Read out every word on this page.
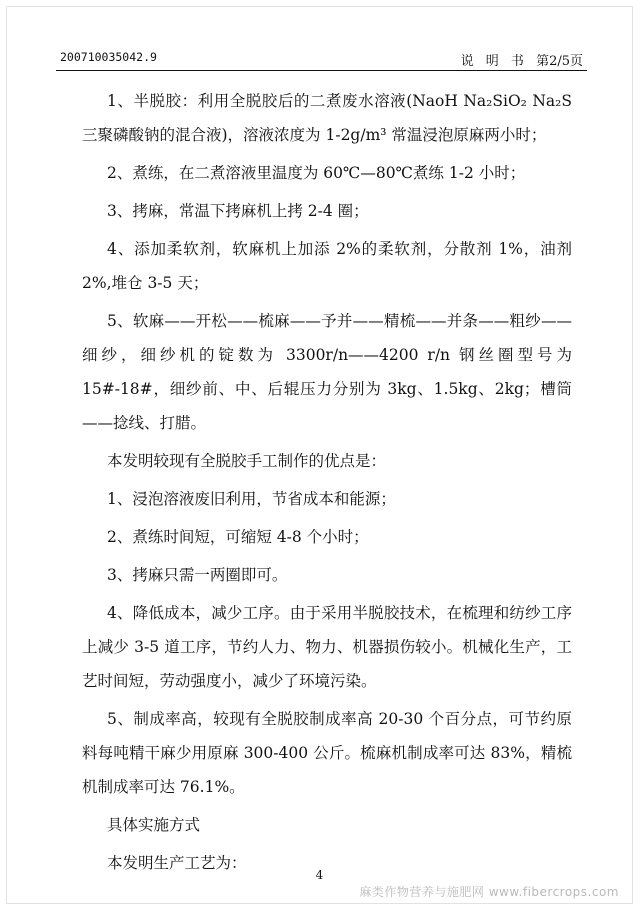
200710035042.9	说 明 书 第2/5页

1、半脱胶：利用全脱胶后的二煮废水溶液(NaoH Na₂SiO₂ Na₂S 三聚磷酸钠的混合液)，溶液浓度为 1-2g/m³ 常温浸泡原麻两小时；

2、煮练，在二煮溶液里温度为 60℃—80℃煮练 1-2 小时；

3、拷麻，常温下拷麻机上拷 2-4 圈；

4、添加柔软剂，软麻机上加添 2%的柔软剂，分散剂 1%，油剂 2%,堆仓 3-5 天；

5、软麻——开松——梳麻——予并——精梳——并条——粗纱——细纱，细纱机的锭数为 3300r/n——4200 r/n 钢丝圈型号为 15#-18#，细纱前、中、后辊压力分别为 3kg、1.5kg、2kg；槽筒——捻线、打腊。

本发明较现有全脱胶手工制作的优点是：

1、浸泡溶液废旧利用，节省成本和能源；

2、煮练时间短，可缩短 4-8 个小时；

3、拷麻只需一两圈即可。

4、降低成本，减少工序。由于采用半脱胶技术，在梳理和纺纱工序上减少 3-5 道工序，节约人力、物力、机器损伤较小。机械化生产，工艺时间短，劳动强度小，减少了环境污染。

5、制成率高，较现有全脱胶制成率高 20-30 个百分点，可节约原料每吨精干麻少用原麻 300-400 公斤。梳麻机制成率可达 83%，精梳机制成率可达 76.1%。

具体实施方式

本发明生产工艺为：

4
麻类作物营养与施肥网 www.fibercrops.com
